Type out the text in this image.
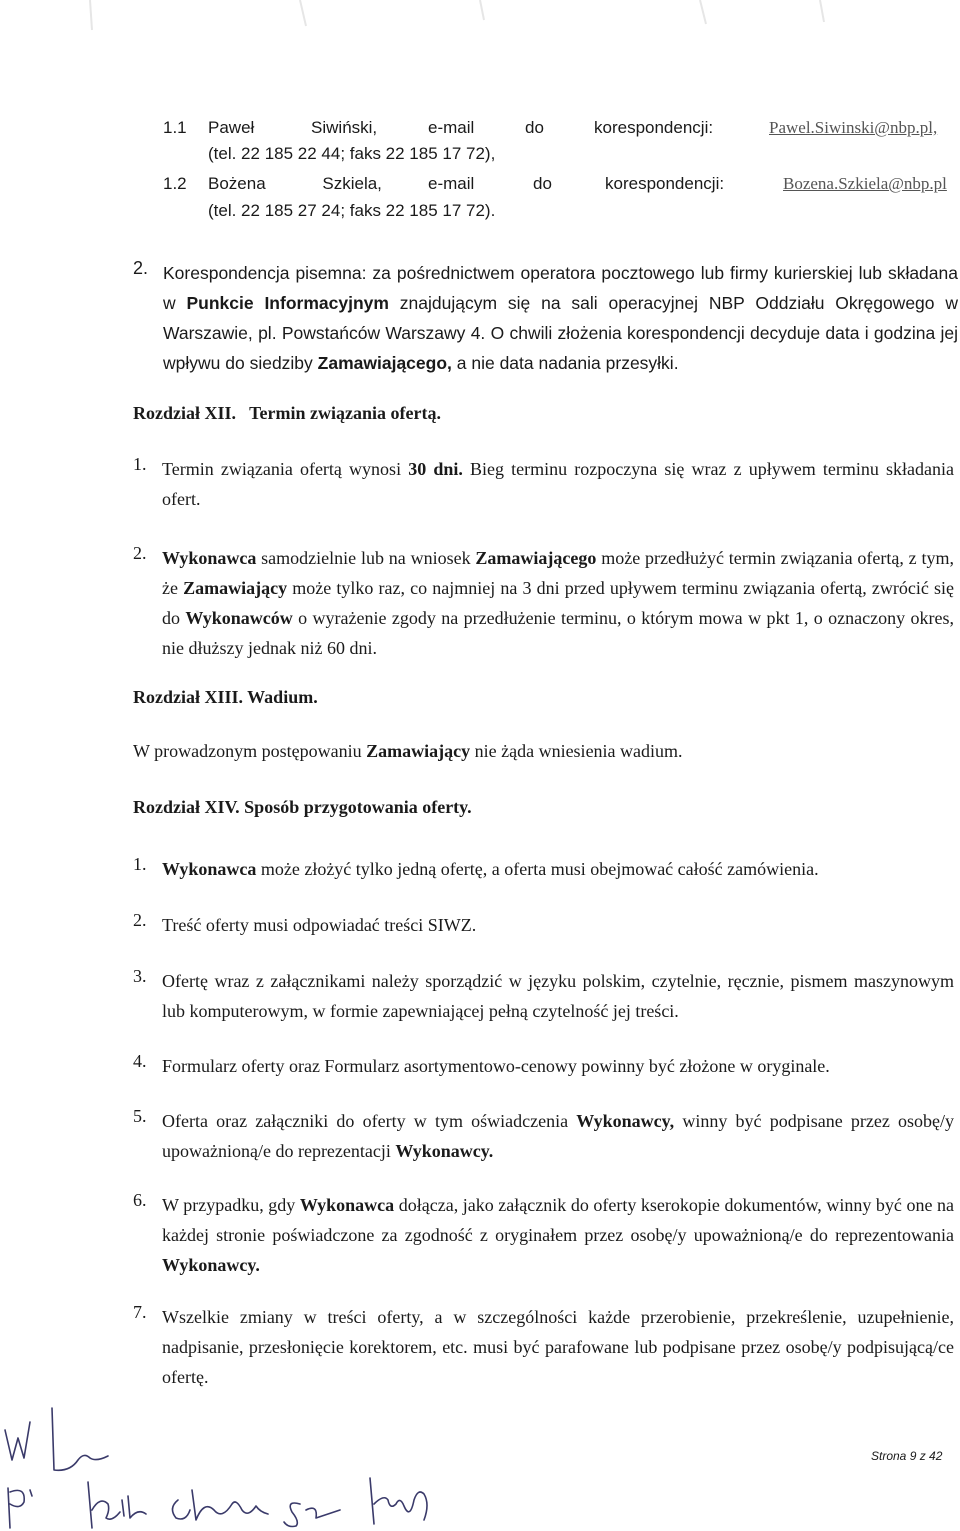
1.1 Paweł Siwiński,	e-mail	do	korespondencji:	Pawel.Siwinski@nbp.pl,
(tel. 22 185 22 44; faks 22 185 17 72),
1.2 Bożena Szkiela,	e-mail	do	korespondencji:	Bozena.Szkiela@nbp.pl
(tel. 22 185 27 24; faks 22 185 17 72).
2. Korespondencja pisemna: za pośrednictwem operatora pocztowego lub firmy kurierskiej lub składana w Punkcie Informacyjnym znajdującym się na sali operacyjnej NBP Oddziału Okręgowego w Warszawie, pl. Powstańców Warszawy 4. O chwili złożenia korespondencji decyduje data i godzina jej wpływu do siedziby Zamawiającego, a nie data nadania przesyłki.
Rozdział XII.   Termin związania ofertą.
1. Termin związania ofertą wynosi 30 dni. Bieg terminu rozpoczyna się wraz z upływem terminu składania ofert.
2. Wykonawca samodzielnie lub na wniosek Zamawiającego może przedłużyć termin związania ofertą, z tym, że Zamawiający może tylko raz, co najmniej na 3 dni przed upływem terminu związania ofertą, zwrócić się do Wykonawców o wyrażenie zgody na przedłużenie terminu, o którym mowa w pkt 1, o oznaczony okres, nie dłuższy jednak niż 60 dni.
Rozdział XIII. Wadium.
W prowadzonym postępowaniu Zamawiający nie żąda wniesienia wadium.
Rozdział XIV. Sposób przygotowania oferty.
1. Wykonawca może złożyć tylko jedną ofertę, a oferta musi obejmować całość zamówienia.
2. Treść oferty musi odpowiadać treści SIWZ.
3. Ofertę wraz z załącznikami należy sporządzić w języku polskim, czytelnie, ręcznie, pismem maszynowym lub komputerowym, w formie zapewniającej pełną czytelność jej treści.
4. Formularz oferty oraz Formularz asortymentowo-cenowy powinny być złożone w oryginale.
5. Oferta oraz załączniki do oferty w tym oświadczenia Wykonawcy, winny być podpisane przez osobę/y upoważnioną/e do reprezentacji Wykonawcy.
6. W przypadku, gdy Wykonawca dołącza, jako załącznik do oferty kserokopie dokumentów, winny być one na każdej stronie poświadczone za zgodność z oryginałem przez osobę/y upoważnioną/e do reprezentowania Wykonawcy.
7. Wszelkie zmiany w treści oferty, a w szczególności każde przerobienie, przekreślenie, uzupełnienie, nadpisanie, przesłonięcie korektorem, etc. musi być parafowane lub podpisane przez osobę/y podpisującą/ce ofertę.
Strona 9 z 42
